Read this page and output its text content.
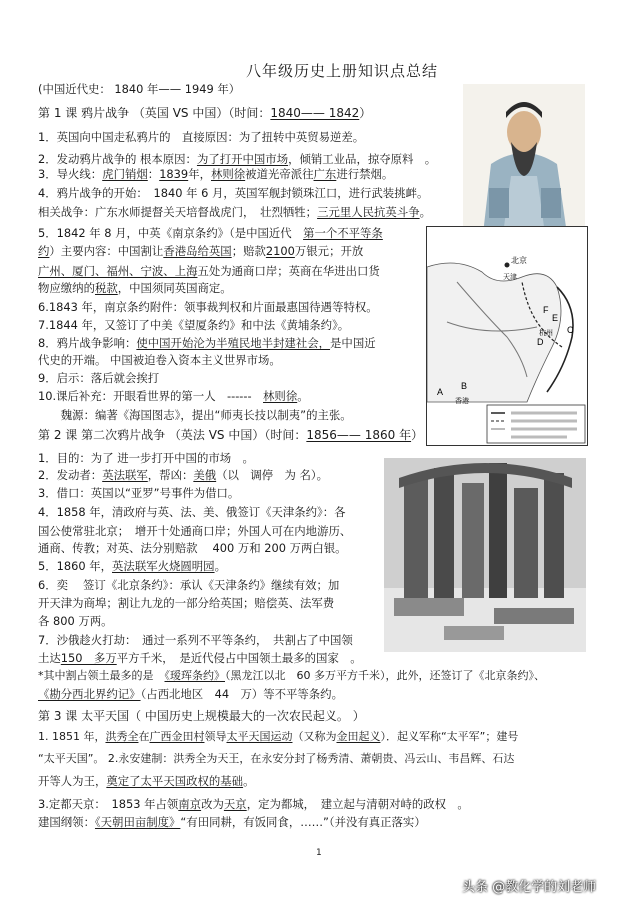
八年级历史上册知识点总结
(中国近代史： 1840 年—— 1949 年）
第 1 课 鸦片战争 （英国 VS 中国）（时间：1840—— 1842）
1．英国向中国走私鸦片的　直接原因：为了扭转中英贸易逆差。
2．发动鸦片战争的 根本原因：为了打开中国市场，倾销工业品，掠夺原料　。
3．导火线：虎门销烟：1839年，林则徐被道光帝派往广东进行禁烟。
4．鸦片战争的开始：　1840 年 6 月，英国军舰封锁珠江口，进行武装挑衅。
相关战争：广东水师提督关天培督战虎门，　壮烈牺牲；三元里人民抗英斗争。
5．1842 年 8 月，中英《南京条约》（是中国近代　第一个不平等条
约）主要内容：中国割让香港岛给英国；赔款2100万银元；开放
广州、厦门、福州、宁波、上海五处为通商口岸；英商在华进出口货
物应缴纳的税款，中国须同英国商定。
6.1843 年，南京条约附件：领事裁判权和片面最惠国待遇等特权。
7.1844 年，又签订了中美《望厦条约》和中法《黄埔条约》。
8．鸦片战争影响：使中国开始沦为半殖民地半封建社会，是中国近
代史的开端。 中国被迫卷入资本主义世界市场。
9．启示：落后就会挨打
10.课后补充：开眼看世界的第一人　------　林则徐。
　　魏源：编著《海国图志》，提出“师夷长技以制夷”的主张。
北京
天津
A
B
C
D
E
F
杭州
香港
第 2 课 第二次鸦片战争 （英法 VS 中国）（时间：1856—— 1860 年）
1．目的：为了 进一步打开中国的市场　。
2．发动者：英法联军，帮凶：美俄（以　调停　为 名）。
3．借口：英国以“亚罗”号事件为借口。
4．1858 年，清政府与英、法、美、俄签订《天津条约》：各
国公使常驻北京；　增开十处通商口岸；外国人可在内地游历、
通商、传教；对英、法分别赔款　 400 万和 200 万两白银。
5．1860 年，英法联军火烧圆明园。
6．奕　 签订《北京条约》：承认《天津条约》继续有效；加
开天津为商埠；割让九龙的一部分给英国；赔偿英、法军费
各 800 万两。
7．沙俄趁火打劫：　通过一系列不平等条约，　共割占了中国领
土达150　多万平方千米，　是近代侵占中国领土最多的国家　。
*其中割占领土最多的是　《瑷珲条约》（黑龙江以北　60 多万平方千米），此外，还签订了《北京条约》、
《勘分西北界约记》（占西北地区　44　万）等不平等条约。
第 3 课 太平天国（ 中国历史上规模最大的一次农民起义。 ）
1. 1851 年，洪秀全在广西金田村领导太平天国运动（又称为金田起义）．起义军称“太平军”；建号
“太平天国”。 2.永安建制：洪秀全为天王，在永安分封了杨秀清、萧朝贵、冯云山、韦昌辉、石达
开等人为王，奠定了太平天国政权的基础。
3.定都天京：　1853 年占领南京改为天京，定为都城，　建立起与清朝对峙的政权　。
建国纲领：《天朝田亩制度》“有田同耕，有饭同食，……”（并没有真正落实）
1
头条 @教化学的刘老师
